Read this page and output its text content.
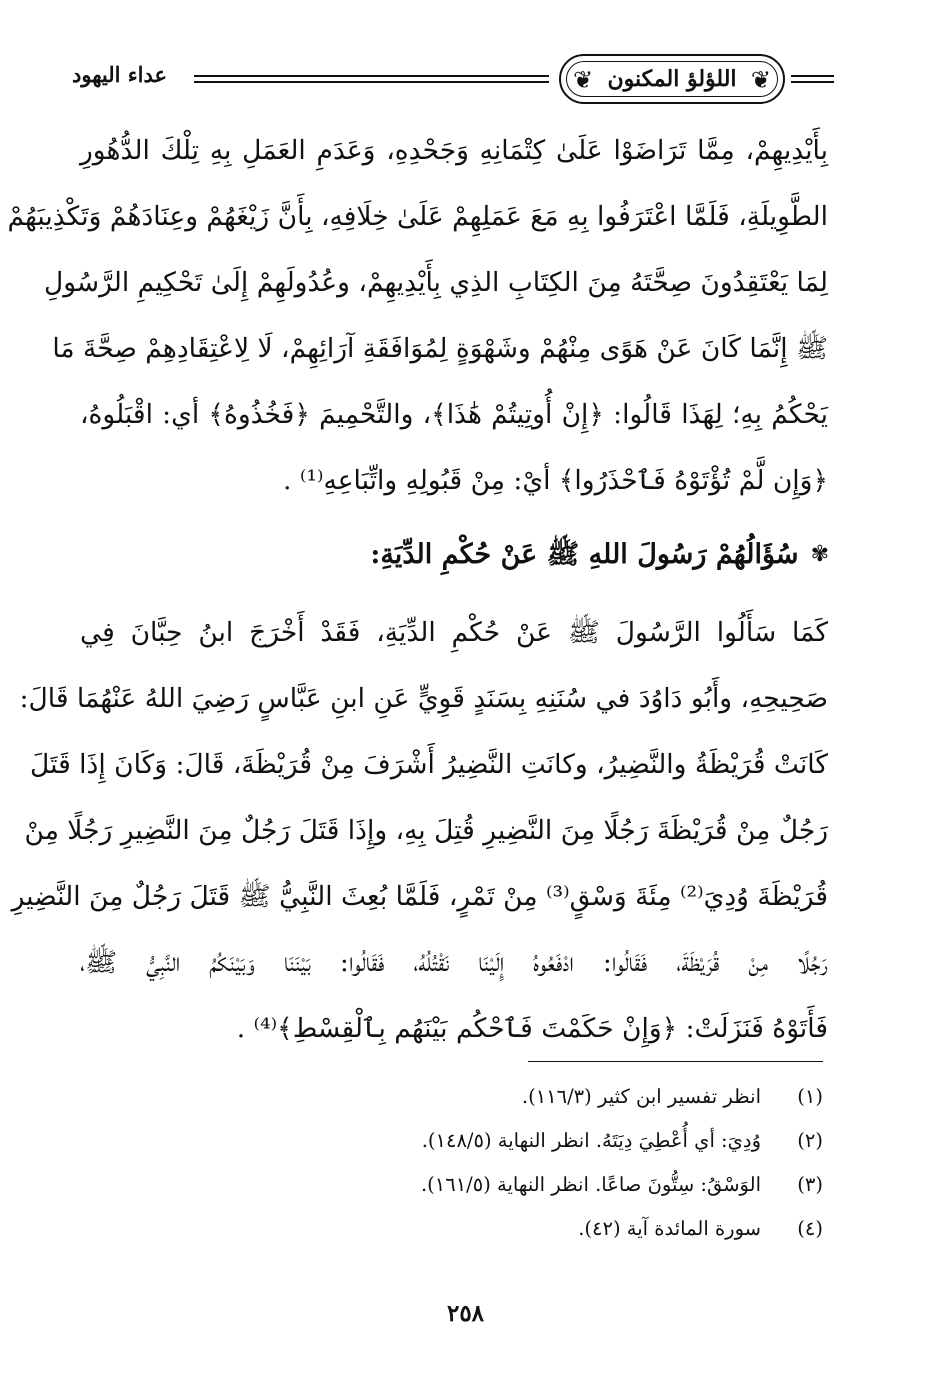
عداء اليهود	❦ اللؤلؤ المكنون ❦
بِأَيْدِيهِمْ، مِمَّا تَرَاضَوْا عَلَىٰ كِتْمَانِهِ وَجَحْدِهِ، وَعَدَمِ العَمَلِ بِهِ تِلْكَ الدُّهُورِ
الطَّوِيلَةِ، فَلَمَّا اعْتَرَفُوا بِهِ مَعَ عَمَلِهِمْ عَلَىٰ خِلَافِهِ، بِأَنَّ زَيْغَهُمْ وعِنَادَهُمْ وَتَكْذِيبَهُمْ
لِمَا يَعْتَقِدُونَ صِحَّتَهُ مِنَ الكِتَابِ الذِي بِأَيْدِيهِمْ، وعُدُولَهِمْ إِلَىٰ تَحْكِيمِ الرَّسُولِ
ﷺ إِنَّمَا كَانَ عَنْ هَوًى مِنْهُمْ وشَهْوَةٍ لِمُوَافَقَةِ آرَائِهِمْ، لَا لِاعْتِقَادِهِمْ صِحَّةَ مَا
يَحْكُمُ بِهِ؛ لِهَذَا قَالُوا: ﴿إِنْ أُوتِيتُمْ هَٰذَا﴾، والتَّحْمِيمَ ﴿فَخُذُوهُ﴾ أي: اقْبَلُوهُ،
﴿وَإِن لَّمْ تُؤْتَوْهُ فَٱحْذَرُوا﴾ أيْ: مِنْ قَبُولِهِ واتِّبَاعِهِ⁽¹⁾ .
✾
سُؤَالُهُمْ رَسُولَ اللهِ ﷺ عَنْ حُكْمِ الدِّيَةِ:
كَمَا سَأَلُوا الرَّسُولَ ﷺ عَنْ حُكْمِ الدِّيَةِ، فَقَدْ أَخْرَجَ ابنُ حِبَّانَ فِي
صَحِيحِهِ، وأَبُو دَاوُدَ في سُنَنِهِ بِسَنَدٍ قَوِيٍّ عَنِ ابنِ عَبَّاسٍ رَضِيَ اللهُ عَنْهُمَا قَالَ:
كَانَتْ قُرَيْظَةُ والنَّضِيرُ، وكانَتِ النَّضِيرُ أَشْرَفَ مِنْ قُرَيْظَةَ، قَالَ: وَكَانَ إِذَا قَتَلَ
رَجُلٌ مِنْ قُرَيْظَةَ رَجُلًا مِنَ النَّضِيرِ قُتِلَ بِهِ، وإِذَا قَتَلَ رَجُلٌ مِنَ النَّضِيرِ رَجُلًا مِنْ
قُرَيْظَةَ وُدِيَ⁽²⁾ مِئَةَ وَسْقٍ⁽³⁾ مِنْ تَمْرٍ، فَلَمَّا بُعِثَ النَّبِيُّ ﷺ قَتَلَ رَجُلٌ مِنَ النَّضِيرِ
رَجُلًا مِنْ قُرَيْظَةَ، فَقَالُوا: ادْفَعُوهُ إِلَيْنَا نَقْتُلُهُ، فَقَالُوا: بَيْنَنَا وَبَيْنَكُمُ النَّبِيُّ ﷺ،
فَأَتَوْهُ فَنَزَلَتْ: ﴿وَإِنْ حَكَمْتَ فَٱحْكُم بَيْنَهُم بِٱلْقِسْطِ﴾⁽⁴⁾ .
(١)
انظر تفسير ابن كثير (١١٦/٣).
(٢)
وُدِيَ: أي أُعْطِيَ دِيَتَهُ. انظر النهاية (١٤٨/٥).
(٣)
الوَسْقُ: سِتُّونَ صاعًا. انظر النهاية (١٦١/٥).
(٤)
سورة المائدة آية (٤٢).
٢٥٨
